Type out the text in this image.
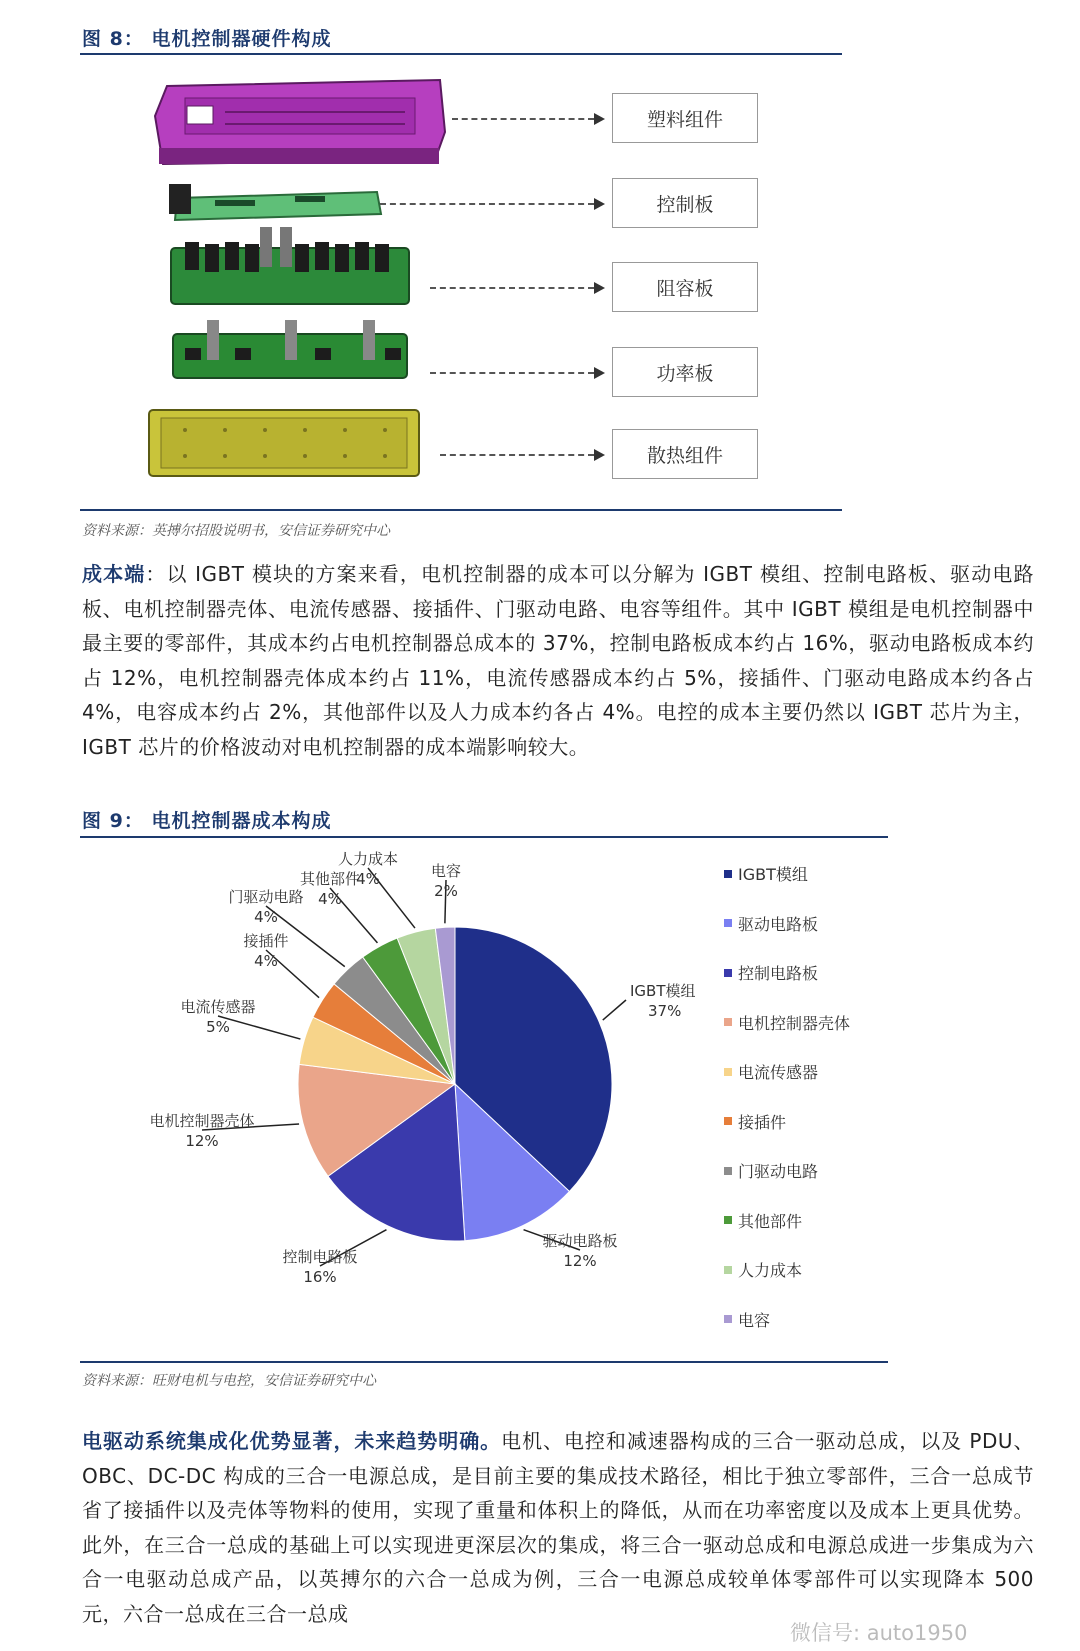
图 8： 电机控制器硬件构成
塑料组件
控制板
阻容板
功率板
散热组件
资料来源：英搏尔招股说明书，安信证券研究中心
成本端：以 IGBT 模块的方案来看，电机控制器的成本可以分解为 IGBT 模组、控制电路板、驱动电路板、电机控制器壳体、电流传感器、接插件、门驱动电路、电容等组件。其中 IGBT 模组是电机控制器中最主要的零部件，其成本约占电机控制器总成本的 37%，控制电路板成本约占 16%，驱动电路板成本约占 12%，电机控制器壳体成本约占 11%，电流传感器成本约占 5%，接插件、门驱动电路成本约各占 4%，电容成本约占 2%，其他部件以及人力成本约各占 4%。电控的成本主要仍然以 IGBT 芯片为主，IGBT 芯片的价格波动对电机控制器的成本端影响较大。
图 9： 电机控制器成本构成
IGBT模组
37%
驱动电路板
12%
控制电路板
16%
电机控制器壳体
12%
电流传感器
5%
接插件
4%
门驱动电路
4%
其他部件
4%
人力成本
4%	电容
2%
IGBT模组
驱动电路板
控制电路板
电机控制器壳体
电流传感器
接插件
门驱动电路
其他部件
人力成本
电容
资料来源：旺财电机与电控，安信证券研究中心
电驱动系统集成化优势显著，未来趋势明确。电机、电控和减速器构成的三合一驱动总成，以及 PDU、OBC、DC-DC 构成的三合一电源总成，是目前主要的集成技术路径，相比于独立零部件，三合一总成节省了接插件以及壳体等物料的使用，实现了重量和体积上的降低，从而在功率密度以及成本上更具优势。此外，在三合一总成的基础上可以实现进更深层次的集成，将三合一驱动总成和电源总成进一步集成为六合一电驱动总成产品，以英搏尔的六合一总成为例，三合一电源总成较单体零部件可以实现降本 500 元，六合一总成在三合一总成
微信号: auto1950
